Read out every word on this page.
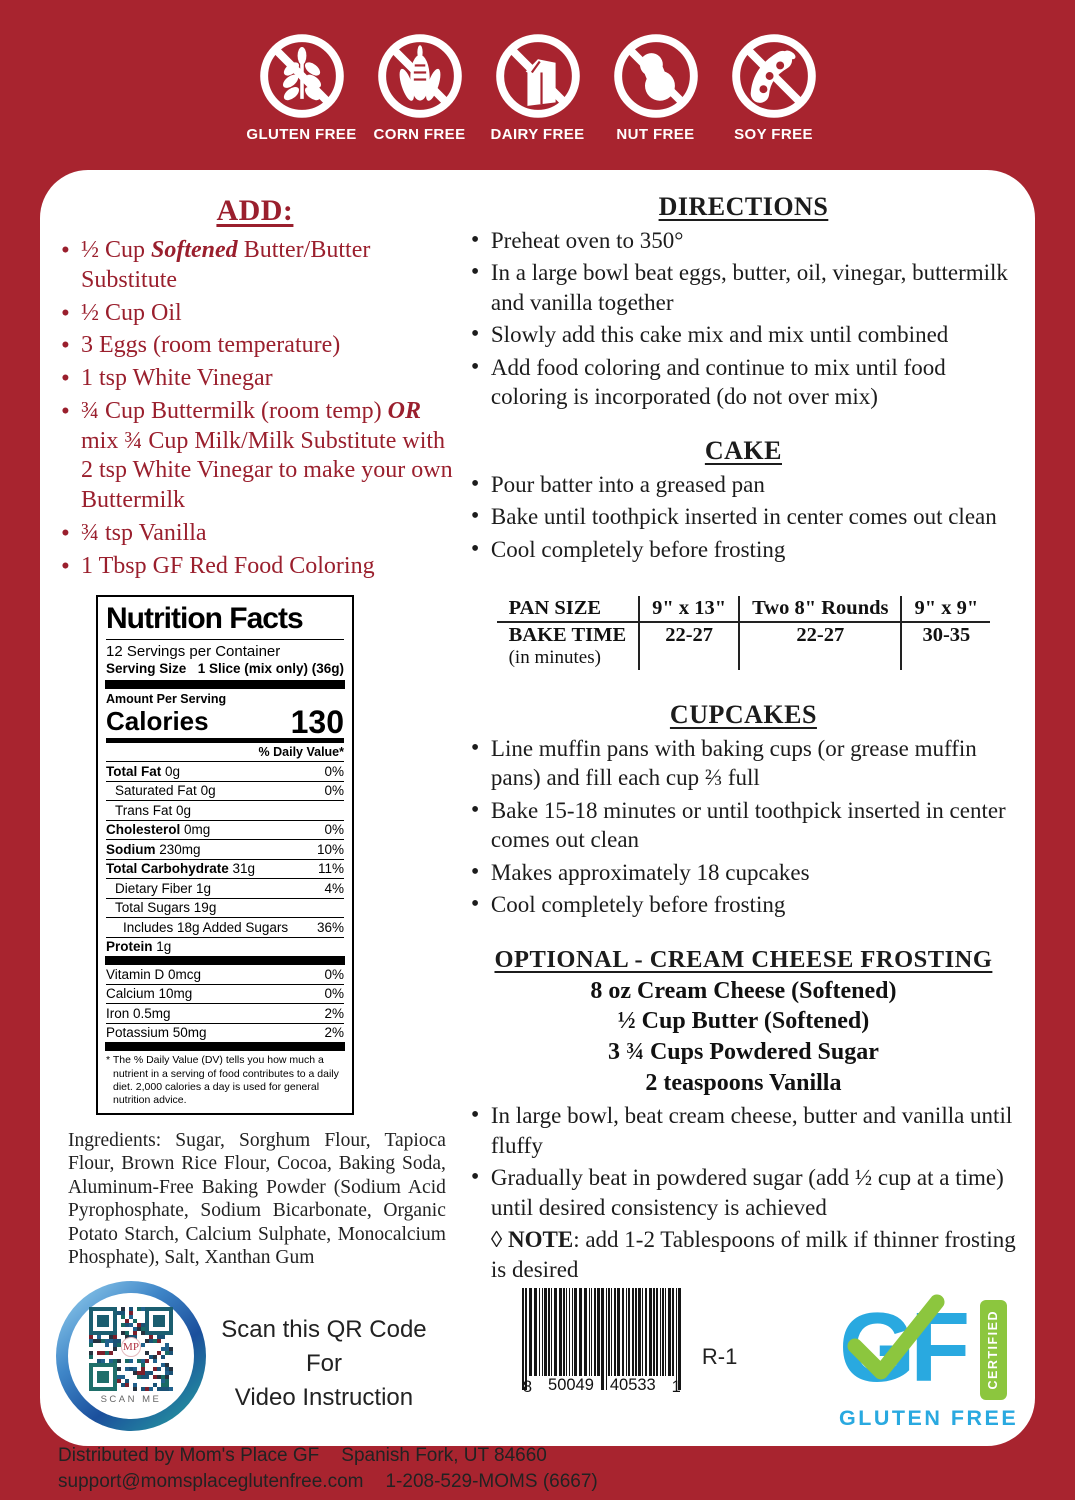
GLUTEN FREE CORN FREE DAIRY FREE NUT FREE	SOY FREE
ADD:
• ½ Cup Softened Butter/Butter Substitute
• ½ Cup Oil
• 3 Eggs (room temperature)
• 1 tsp White Vinegar
• ¾ Cup Buttermilk (room temp) OR mix ¾ Cup Milk/Milk Substitute with 2 tsp White Vinegar to make your own Buttermilk
• ¾ tsp Vanilla
• 1 Tbsp GF Red Food Coloring
Nutrition Facts
12 Servings per Container
Serving Size 1 Slice (mix only) (36g)
Amount Per Serving
Calories	130
% Daily Value*
Total Fat 0g	0%
Saturated Fat 0g	0%
Trans Fat 0g
Cholesterol 0mg	0%
Sodium 230mg	10%
Total Carbohydrate 31g	11%
Dietary Fiber 1g	4%
Total Sugars 19g
Includes 18g Added Sugars 36%
Protein 1g
Vitamin D 0mcg	0%
Calcium 10mg	0%
Iron 0.5mg	2%
Potassium 50mg	2%
* The % Daily Value (DV) tells you how much a nutrient in a serving of food contributes to a daily diet. 2,000 calories a day is used for general nutrition advice.
Ingredients: Sugar, Sorghum Flour, Tapioca Flour, Brown Rice Flour, Cocoa, Baking Soda, Aluminum-Free Baking Powder (Sodium Acid Pyrophosphate, Sodium Bicarbonate, Organic Potato Starch, Calcium Sulphate, Monocalcium Phosphate), Salt, Xanthan Gum
MP
SCAN ME
Scan this QR Code For
Video Instruction
Distributed by Mom's Place GF Spanish Fork, UT 84660
support@momsplaceglutenfree.com 1-208-529-MOMS (6667)
DIRECTIONS
• Preheat oven to 350°
• In a large bowl beat eggs, butter, oil, vinegar, buttermilk and vanilla together
• Slowly add this cake mix and mix until combined
• Add food coloring and continue to mix until food coloring is incorporated (do not over mix)
CAKE
• Pour batter into a greased pan
• Bake until toothpick inserted in center comes out clean
• Cool completely before frosting
PAN SIZE	9" x 13"	Two 8" Rounds	9" x 9"

BAKE TIME
(in minutes)	22-27	22-27	30-35
CUPCAKES
• Line muffin pans with baking cups (or grease muffin pans) and fill each cup ⅔ full
• Bake 15-18 minutes or until toothpick inserted in center comes out clean
• Makes approximately 18 cupcakes
• Cool completely before frosting
OPTIONAL - CREAM CHEESE FROSTING
8 oz Cream Cheese (Softened)
½ Cup Butter (Softened)
3 ¾ Cups Powdered Sugar
2 teaspoons Vanilla
• In large bowl, beat cream cheese, butter and vanilla until fluffy
• Gradually beat in powdered sugar (add ½ cup at a time) until desired consistency is achieved
◊ NOTE: add 1-2 Tablespoons of milk if thinner frosting is desired
8 50049 40533 1
R-1 GF CERTIFIED
GLUTEN FREE
